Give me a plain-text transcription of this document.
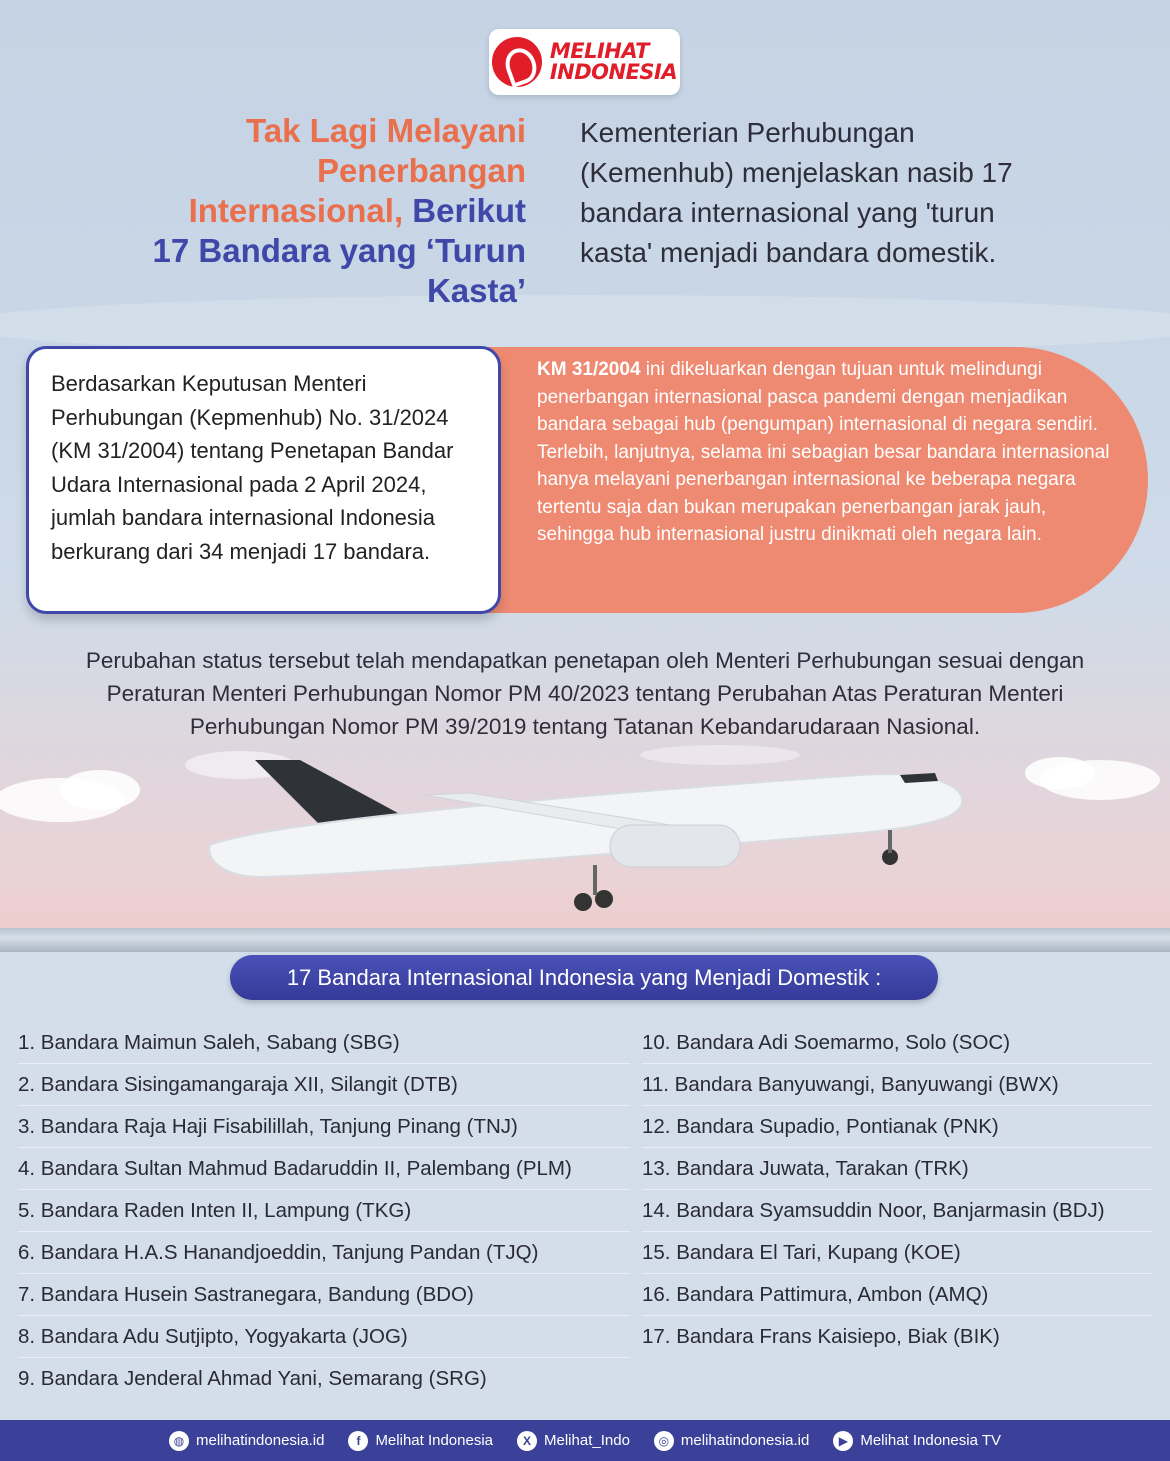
MELIHAT
INDONESIA
Tak Lagi Melayani Penerbangan Internasional, Berikut 17 Bandara yang ‘Turun Kasta’
Kementerian Perhubungan (Kemenhub) menjelaskan nasib 17 bandara internasional yang 'turun kasta' menjadi bandara domestik.
KM 31/2004 ini dikeluarkan dengan tujuan untuk melindungi penerbangan internasional pasca pandemi dengan menjadikan bandara sebagai hub (pengumpan) internasional di negara sendiri. Terlebih, lanjutnya, selama ini sebagian besar bandara internasional hanya melayani penerbangan internasional ke beberapa negara tertentu saja dan bukan merupakan penerbangan jarak jauh, sehingga hub internasional justru dinikmati oleh negara lain.
Berdasarkan Keputusan Menteri Perhubungan (Kepmenhub) No. 31/2024 (KM 31/2004) tentang Penetapan Bandar Udara Internasional pada 2 April 2024, jumlah bandara internasional Indonesia berkurang dari 34 menjadi 17 bandara.
Perubahan status tersebut telah mendapatkan penetapan oleh Menteri Perhubungan sesuai dengan Peraturan Menteri Perhubungan Nomor PM 40/2023 tentang Perubahan Atas Peraturan Menteri Perhubungan Nomor PM 39/2019 tentang Tatanan Kebandarudaraan Nasional.
17 Bandara Internasional Indonesia yang Menjadi Domestik :
1. Bandara Maimun Saleh, Sabang (SBG)
2. Bandara Sisingamangaraja XII, Silangit (DTB)
3. Bandara Raja Haji Fisabilillah, Tanjung Pinang (TNJ)
4. Bandara Sultan Mahmud Badaruddin II, Palembang (PLM)
5. Bandara Raden Inten II, Lampung (TKG)
6. Bandara H.A.S Hanandjoeddin, Tanjung Pandan (TJQ)
7. Bandara Husein Sastranegara, Bandung (BDO)
8. Bandara Adu Sutjipto, Yogyakarta (JOG)
9. Bandara Jenderal Ahmad Yani, Semarang (SRG)
10. Bandara Adi Soemarmo, Solo (SOC)
11. Bandara Banyuwangi, Banyuwangi (BWX)
12. Bandara Supadio, Pontianak (PNK)
13. Bandara Juwata, Tarakan (TRK)
14. Bandara Syamsuddin Noor, Banjarmasin (BDJ)
15. Bandara El Tari, Kupang (KOE)
16. Bandara Pattimura, Ambon (AMQ)
17. Bandara Frans Kaisiepo, Biak (BIK)
◍ melihatindonesia.id	f	Melihat Indonesia	X Melihat_Indo	◎ melihatindonesia.id	▶ Melihat Indonesia TV
